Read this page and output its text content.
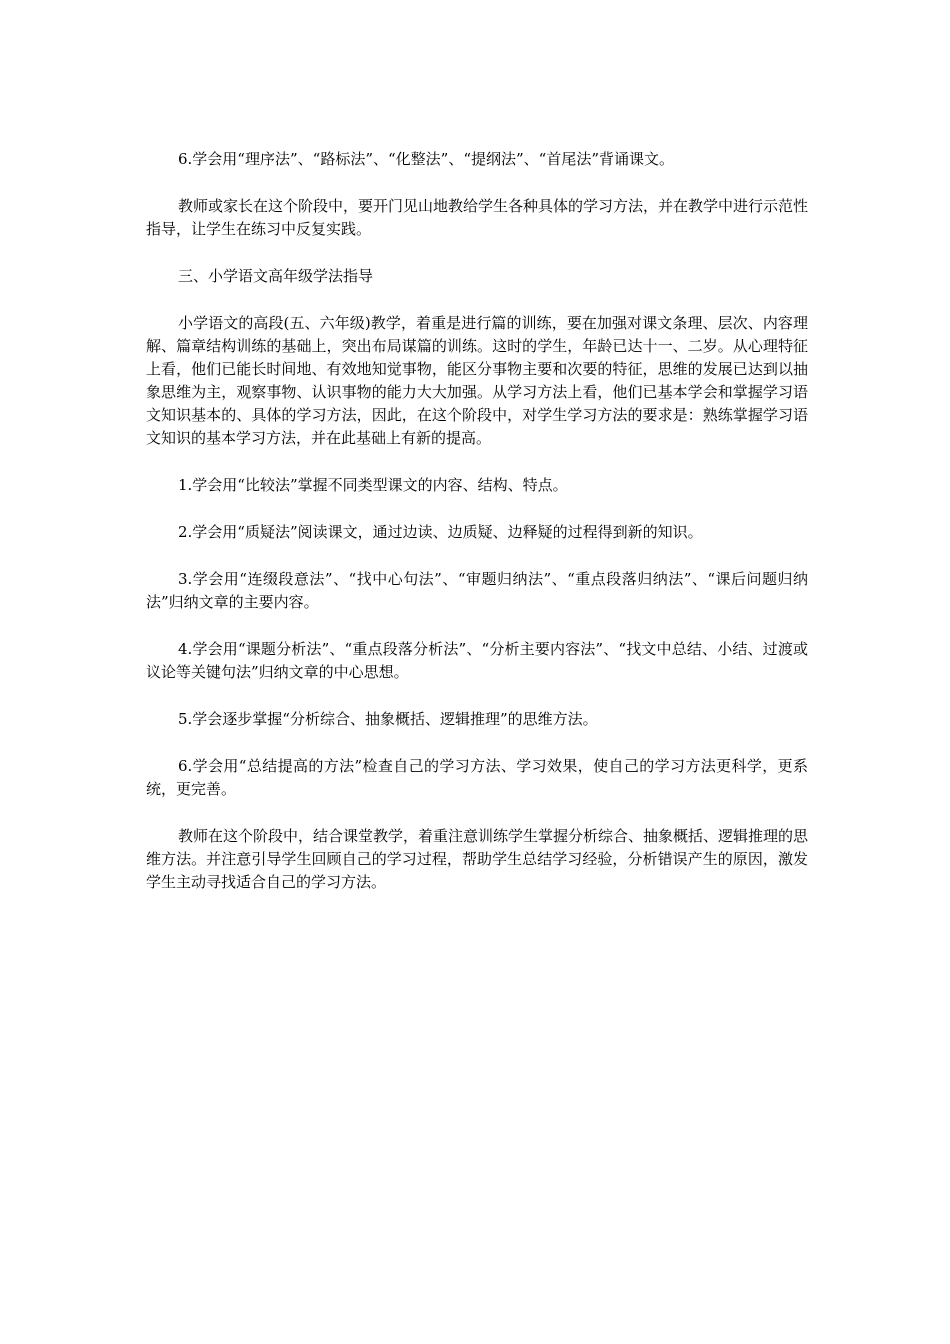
6.学会用“理序法”、“路标法”、“化整法”、“提纲法”、“首尾法”背诵课文。

教师或家长在这个阶段中，要开门见山地教给学生各种具体的学习方法，并在教学中进行示范性指导，让学生在练习中反复实践。

三、小学语文高年级学法指导

小学语文的高段(五、六年级)教学，着重是进行篇的训练，要在加强对课文条理、层次、内容理解、篇章结构训练的基础上，突出布局谋篇的训练。这时的学生，年龄已达十一、二岁。从心理特征上看，他们已能长时间地、有效地知觉事物，能区分事物主要和次要的特征，思维的发展已达到以抽象思维为主，观察事物、认识事物的能力大大加强。从学习方法上看，他们已基本学会和掌握学习语文知识基本的、具体的学习方法，因此，在这个阶段中，对学生学习方法的要求是：熟练掌握学习语文知识的基本学习方法，并在此基础上有新的提高。

1.学会用“比较法”掌握不同类型课文的内容、结构、特点。

2.学会用“质疑法”阅读课文，通过边读、边质疑、边释疑的过程得到新的知识。

3.学会用“连缀段意法”、“找中心句法”、“审题归纳法”、“重点段落归纳法”、“课后问题归纳法”归纳文章的主要内容。

4.学会用“课题分析法”、“重点段落分析法”、“分析主要内容法”、“找文中总结、小结、过渡或议论等关键句法”归纳文章的中心思想。

5.学会逐步掌握“分析综合、抽象概括、逻辑推理”的思维方法。

6.学会用“总结提高的方法”检查自己的学习方法、学习效果，使自己的学习方法更科学，更系统，更完善。

教师在这个阶段中，结合课堂教学，着重注意训练学生掌握分析综合、抽象概括、逻辑推理的思维方法。并注意引导学生回顾自己的学习过程，帮助学生总结学习经验，分析错误产生的原因，激发学生主动寻找适合自己的学习方法。
